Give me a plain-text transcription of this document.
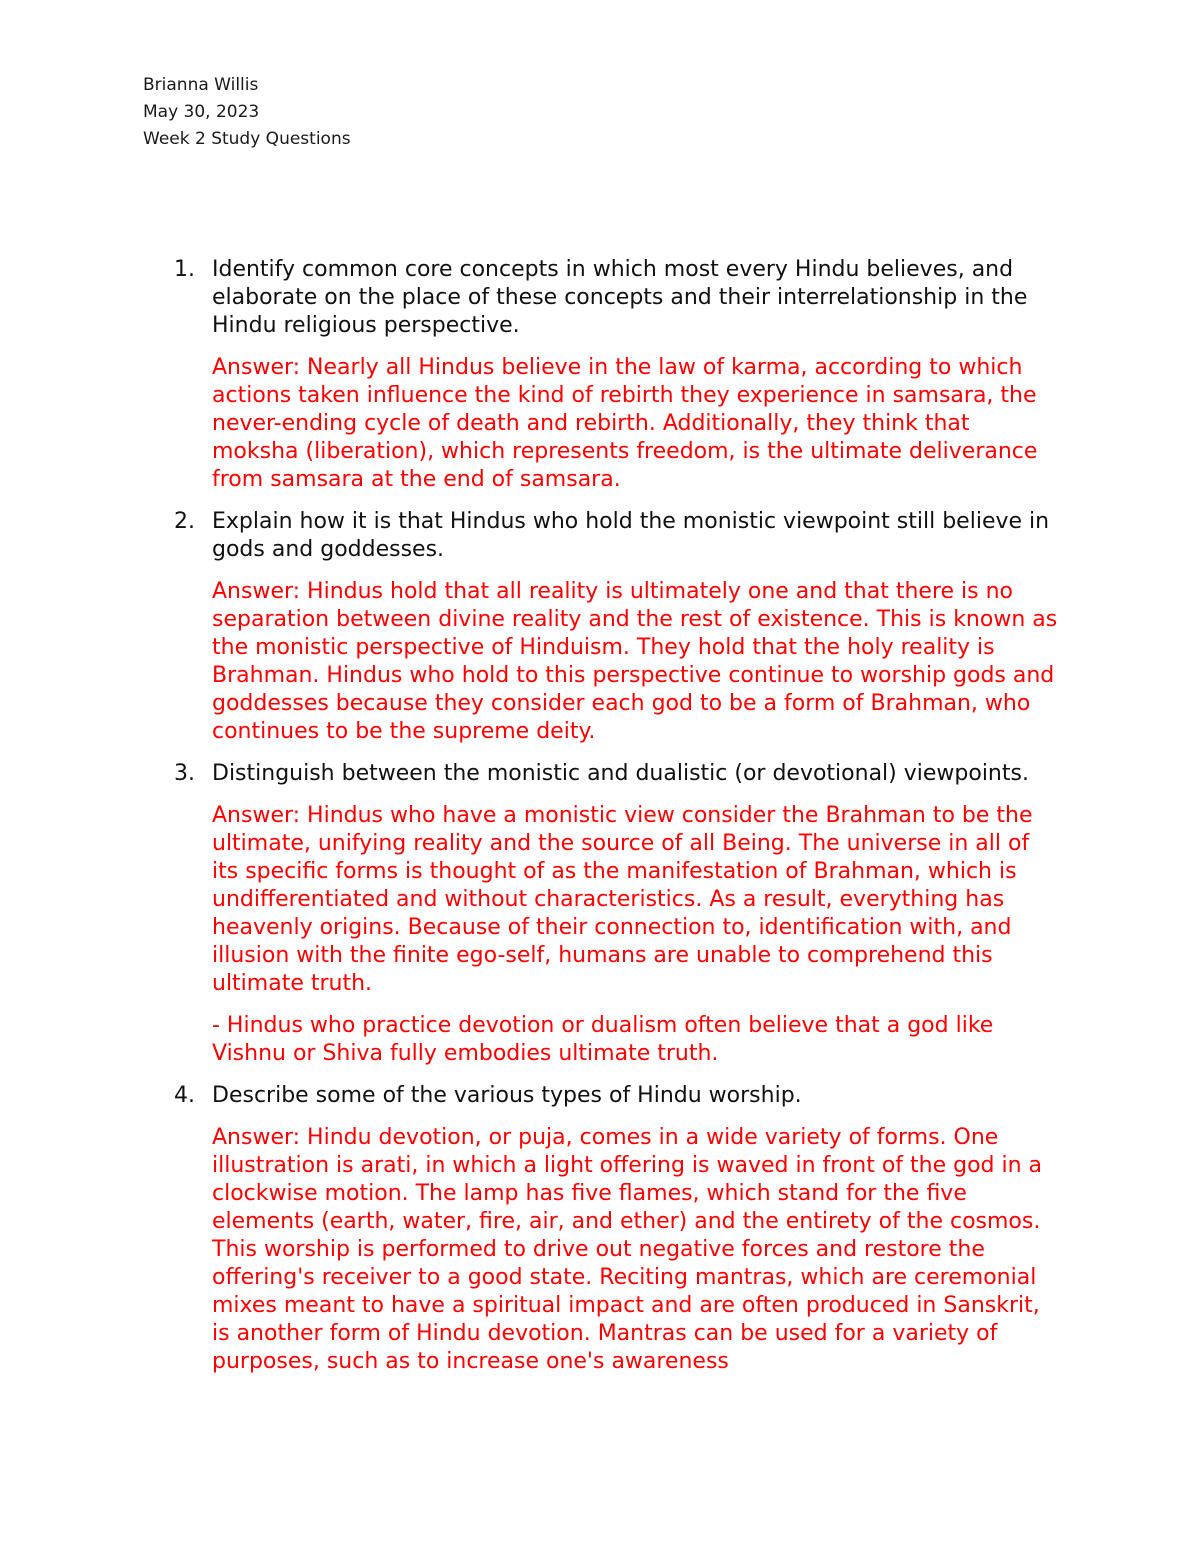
Brianna Willis
May 30, 2023
Week 2 Study Questions
1. Identify common core concepts in which most every Hindu believes, and elaborate on the place of these concepts and their interrelationship in the Hindu religious perspective.
Answer: Nearly all Hindus believe in the law of karma, according to which actions taken influence the kind of rebirth they experience in samsara, the never-ending cycle of death and rebirth. Additionally, they think that moksha (liberation), which represents freedom, is the ultimate deliverance from samsara at the end of samsara.
2. Explain how it is that Hindus who hold the monistic viewpoint still believe in gods and goddesses.
Answer: Hindus hold that all reality is ultimately one and that there is no separation between divine reality and the rest of existence. This is known as the monistic perspective of Hinduism. They hold that the holy reality is Brahman. Hindus who hold to this perspective continue to worship gods and goddesses because they consider each god to be a form of Brahman, who continues to be the supreme deity.
3. Distinguish between the monistic and dualistic (or devotional) viewpoints.
Answer: Hindus who have a monistic view consider the Brahman to be the ultimate, unifying reality and the source of all Being. The universe in all of its specific forms is thought of as the manifestation of Brahman, which is undifferentiated and without characteristics. As a result, everything has heavenly origins. Because of their connection to, identification with, and illusion with the finite ego-self, humans are unable to comprehend this ultimate truth.
- Hindus who practice devotion or dualism often believe that a god like Vishnu or Shiva fully embodies ultimate truth.
4. Describe some of the various types of Hindu worship.
Answer: Hindu devotion, or puja, comes in a wide variety of forms. One illustration is arati, in which a light offering is waved in front of the god in a clockwise motion. The lamp has five flames, which stand for the five elements (earth, water, fire, air, and ether) and the entirety of the cosmos. This worship is performed to drive out negative forces and restore the offering's receiver to a good state. Reciting mantras, which are ceremonial mixes meant to have a spiritual impact and are often produced in Sanskrit, is another form of Hindu devotion. Mantras can be used for a variety of purposes, such as to increase one's awareness
